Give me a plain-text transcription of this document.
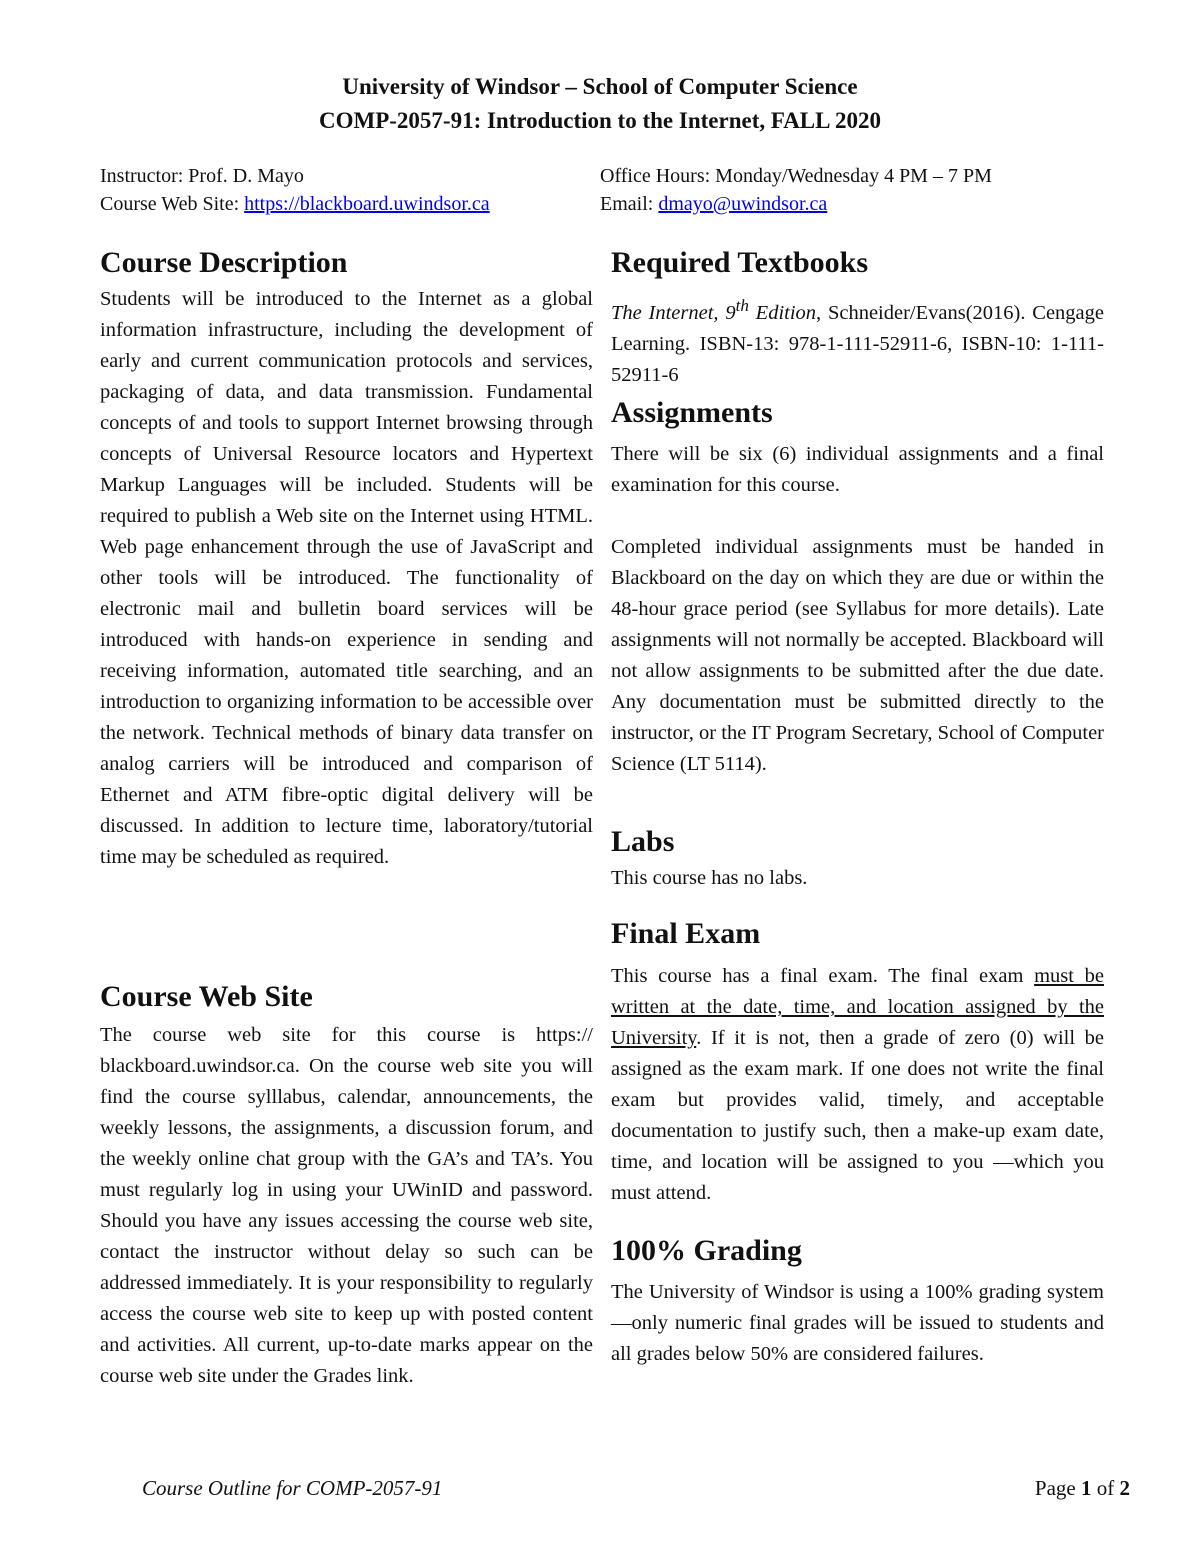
University of Windsor – School of Computer Science
COMP-2057-91: Introduction to the Internet, FALL 2020
Instructor: Prof. D. Mayo
Course Web Site: https://blackboard.uwindsor.ca
Office Hours: Monday/Wednesday 4 PM – 7 PM
Email: dmayo@uwindsor.ca
Course Description

Students will be introduced to the Internet as a global information infrastructure, including the development of early and current communication protocols and services, packaging of data, and data transmission. Fundamental concepts of and tools to support Internet browsing through concepts of Universal Resource locators and Hypertext Markup Languages will be included. Students will be required to publish a Web site on the Internet using HTML. Web page enhancement through the use of JavaScript and other tools will be introduced. The functionality of electronic mail and bulletin board services will be introduced with hands-on experience in sending and receiving information, automated title searching, and an introduction to organizing information to be accessible over the network. Technical methods of binary data transfer on analog carriers will be introduced and comparison of Ethernet and ATM fibre-optic digital delivery will be discussed. In addition to lecture time, laboratory/tutorial time may be scheduled as required.

Course Web Site

The course web site for this course is https:// blackboard.uwindsor.ca. On the course web site you will find the course sylllabus, calendar, announcements, the weekly lessons, the assignments, a discussion forum, and the weekly online chat group with the GA’s and TA’s. You must regularly log in using your UWinID and password. Should you have any issues accessing the course web site, contact the instructor without delay so such can be addressed immediately. It is your responsibility to regularly access the course web site to keep up with posted content and activities. All current, up-to-date marks appear on the course web site under the Grades link.

Required Textbooks

The Internet, 9th Edition, Schneider/Evans(2016). Cengage Learning. ISBN-13: 978-1-111-52911-6, ISBN-10: 1-111-52911-6

Assignments

There will be six (6) individual assignments and a final examination for this course.

Completed individual assignments must be handed in Blackboard on the day on which they are due or within the 48-hour grace period (see Syllabus for more details). Late assignments will not normally be accepted. Blackboard will not allow assignments to be submitted after the due date. Any documentation must be submitted directly to the instructor, or the IT Program Secretary, School of Computer Science (LT 5114).

Labs

This course has no labs.

Final Exam

This course has a final exam. The final exam must be written at the date, time, and location assigned by the University. If it is not, then a grade of zero (0) will be assigned as the exam mark. If one does not write the final exam but provides valid, timely, and acceptable documentation to justify such, then a make-up exam date, time, and location will be assigned to you —which you must attend.

100% Grading

The University of Windsor is using a 100% grading system —only numeric final grades will be issued to students and all grades below 50% are considered failures.

Course Outline for COMP-2057-91	Page 1 of 2
